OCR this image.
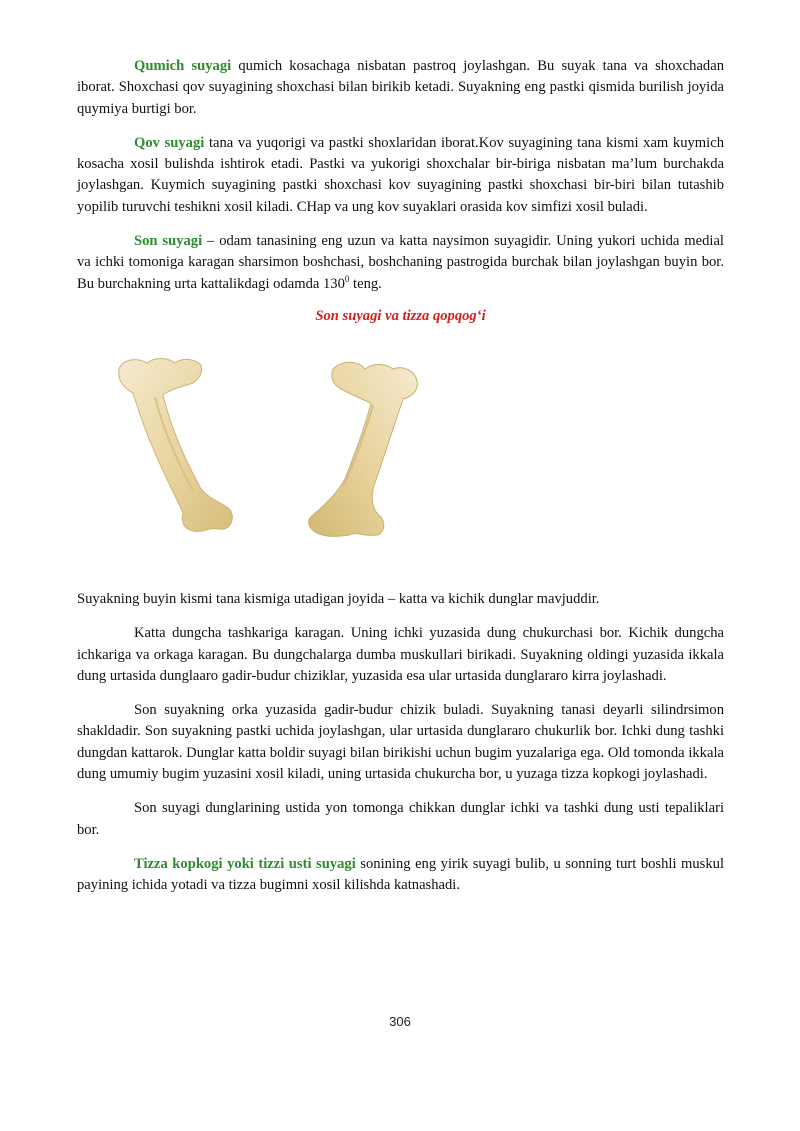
Qumich suyagi qumich kosachaga nisbatan pastroq joylashgan. Bu suyak tana va shoxchadan iborat. Shoxchasi qov suyagining shoxchasi bilan birikib ketadi. Suyakning eng pastki qismida burilish joyida quymiya burtigi bor.

Qov suyagi tana va yuqorigi va pastki shoxlaridan iborat.Kov suyagining tana kismi xam kuymich kosacha xosil bulishda ishtirok etadi. Pastki va yukorigi shoxchalar bir-biriga nisbatan ma’lum burchakda joylashgan. Kuymich suyagining pastki shoxchasi kov suyagining pastki shoxchasi bir-biri bilan tutashib yopilib turuvchi teshikni xosil kiladi. CHap va ung kov suyaklari orasida kov simfizi xosil buladi.

Son suyagi – odam tanasining eng uzun va katta naysimon suyagidir. Uning yukori uchida medial va ichki tomoniga karagan sharsimon boshchasi, boshchaning pastrogida burchak bilan joylashgan buyin bor. Bu burchakning urta kattalikdagi odamda $130^0$ teng.

Son suyagi va tizza qopqog‘i

Suyakning buyin kismi tana kismiga utadigan joyida – katta va kichik dunglar mavjuddir.

Katta dungcha tashkariga karagan. Uning ichki yuzasida dung chukurchasi bor. Kichik dungcha ichkariga va orkaga karagan. Bu dungchalarga dumba muskullari birikadi. Suyakning oldingi yuzasida ikkala dung urtasida dunglaaro gadir-budur chiziklar, yuzasida esa ular urtasida dunglararo kirra joylashadi.

Son suyakning orka yuzasida gadir-budur chizik buladi. Suyakning tanasi deyarli silindrsimon shakldadir. Son suyakning pastki uchida joylashgan, ular urtasida dunglararo chukurlik bor. Ichki dung tashki dungdan kattarok. Dunglar katta boldir suyagi bilan birikishi uchun bugim yuzalariga ega. Old tomonda ikkala dung umumiy bugim yuzasini xosil kiladi, uning urtasida chukurcha bor, u yuzaga tizza kopkogi joylashadi.

Son suyagi dunglarining ustida yon tomonga chikkan dunglar ichki va tashki dung usti tepaliklari bor.

Tizza kopkogi yoki tizzi usti suyagi sonining eng yirik suyagi bulib, u sonning turt boshli muskul payining ichida yotadi va tizza bugimni xosil kilishda katnashadi.

306
